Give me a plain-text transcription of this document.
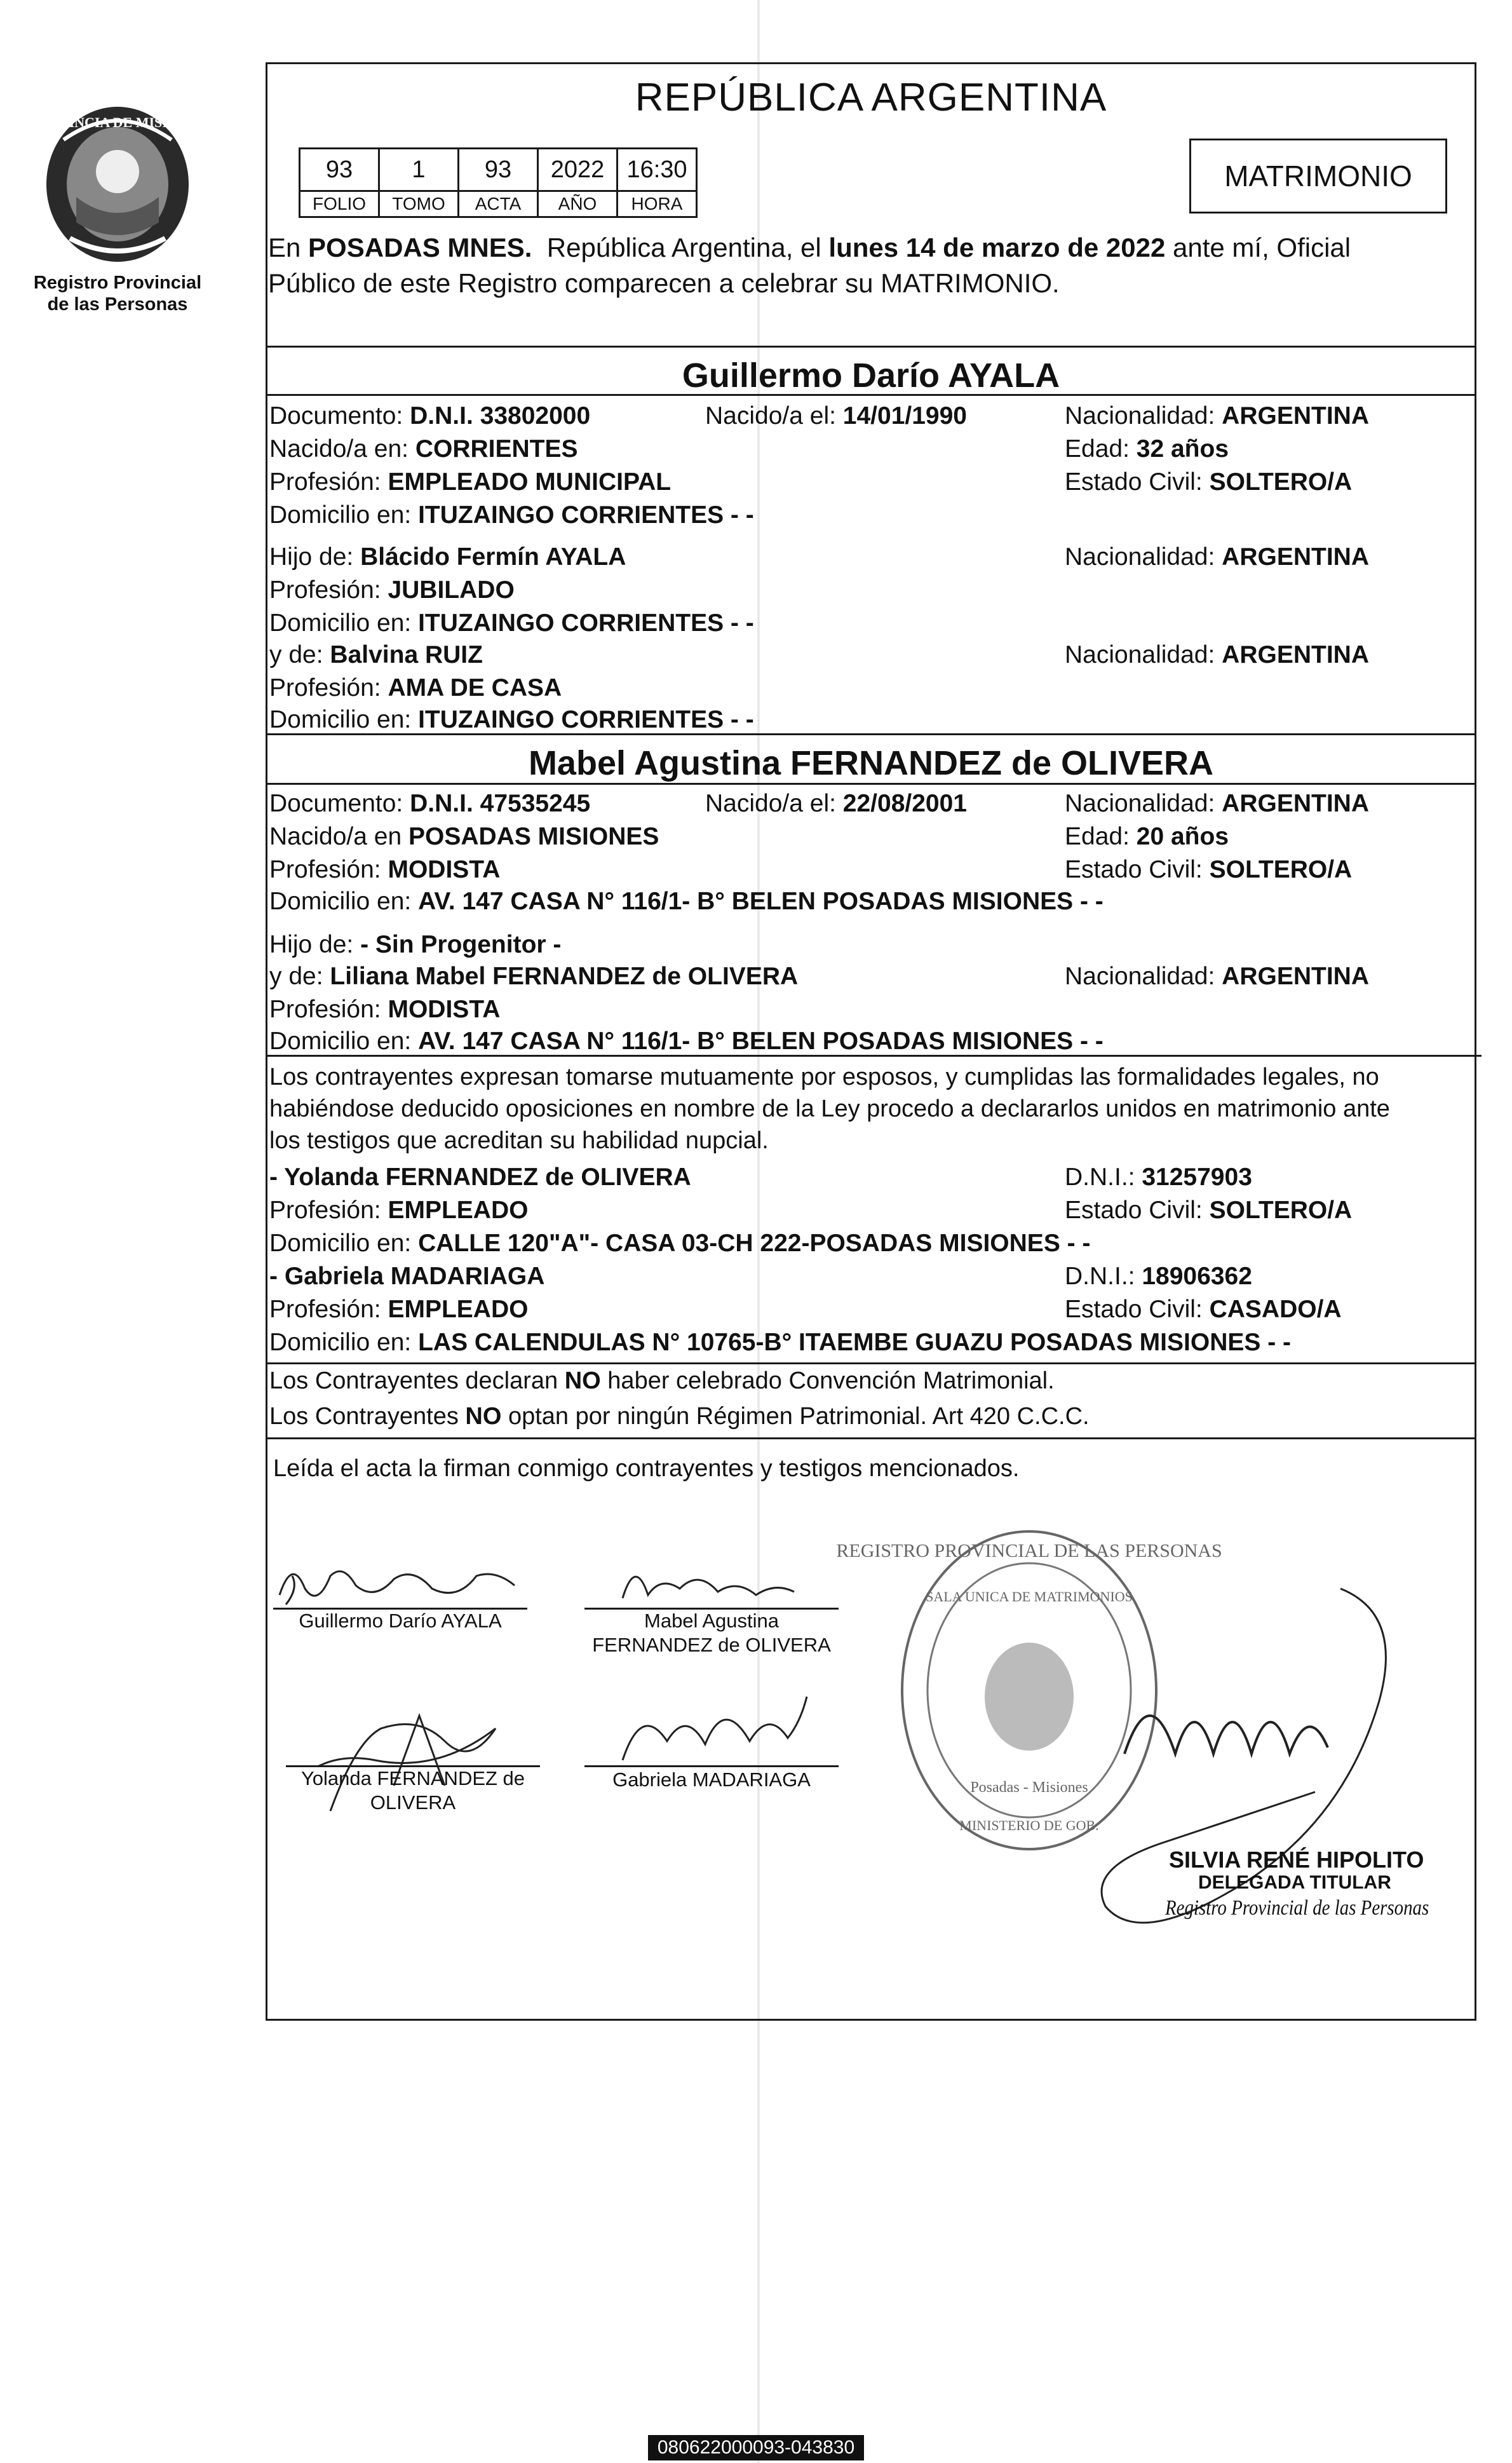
PROVINCIA DE MISIONES
Registro Provincial
de las Personas
REPÚBLICA ARGENTINA
93	1	93	2022	16:30
FOLIO	TOMO	ACTA	AÑO	HORA
MATRIMONIO
En POSADAS MNES. República Argentina, el lunes 14 de marzo de 2022 ante mí, Oficial
Público de este Registro comparecen a celebrar su MATRIMONIO.
Guillermo Darío AYALA
Documento: D.N.I. 33802000	Nacido/a el: 14/01/1990	Nacionalidad: ARGENTINA
Nacido/a en: CORRIENTES	Edad: 32 años
Profesión: EMPLEADO MUNICIPAL	Estado Civil: SOLTERO/A
Domicilio en: ITUZAINGO CORRIENTES - -
Hijo de: Blácido Fermín AYALA	Nacionalidad: ARGENTINA
Profesión: JUBILADO
Domicilio en: ITUZAINGO CORRIENTES - -
y de: Balvina RUIZ	Nacionalidad: ARGENTINA
Profesión: AMA DE CASA
Domicilio en: ITUZAINGO CORRIENTES - -
Mabel Agustina FERNANDEZ de OLIVERA
Documento: D.N.I. 47535245	Nacido/a el: 22/08/2001	Nacionalidad: ARGENTINA
Nacido/a en POSADAS MISIONES	Edad: 20 años
Profesión: MODISTA	Estado Civil: SOLTERO/A
Domicilio en: AV. 147 CASA N° 116/1- B° BELEN POSADAS MISIONES - -
Hijo de: - Sin Progenitor -
y de: Liliana Mabel FERNANDEZ de OLIVERA	Nacionalidad: ARGENTINA
Profesión: MODISTA
Domicilio en: AV. 147 CASA N° 116/1- B° BELEN POSADAS MISIONES - -
Los contrayentes expresan tomarse mutuamente por esposos, y cumplidas las formalidades legales, no
habiéndose deducido oposiciones en nombre de la Ley procedo a declararlos unidos en matrimonio ante
los testigos que acreditan su habilidad nupcial.
- Yolanda FERNANDEZ de OLIVERA	D.N.I.: 31257903
Profesión: EMPLEADO	Estado Civil: SOLTERO/A
Domicilio en: CALLE 120"A"- CASA 03-CH 222-POSADAS MISIONES - -
- Gabriela MADARIAGA	D.N.I.: 18906362
Profesión: EMPLEADO	Estado Civil: CASADO/A
Domicilio en: LAS CALENDULAS N° 10765-B° ITAEMBE GUAZU POSADAS MISIONES - -
Los Contrayentes declaran NO haber celebrado Convención Matrimonial.
Los Contrayentes NO optan por ningún Régimen Patrimonial. Art 420 C.C.C.
Leída el acta la firman conmigo contrayentes y testigos mencionados.
Guillermo Darío AYALA	Mabel Agustina
FERNANDEZ de OLIVERA
Yolanda FERNANDEZ de
OLIVERA
Gabriela MADARIAGA
REGISTRO PROVINCIAL DE LAS PERSONAS
SALA UNICA DE MATRIMONIOS
Posadas - Misiones
MINISTERIO DE GOB.
SILVIA RENÉ HIPOLITO
DELEGADA TITULAR
Registro Provincial de las Personas
080622000093-043830
